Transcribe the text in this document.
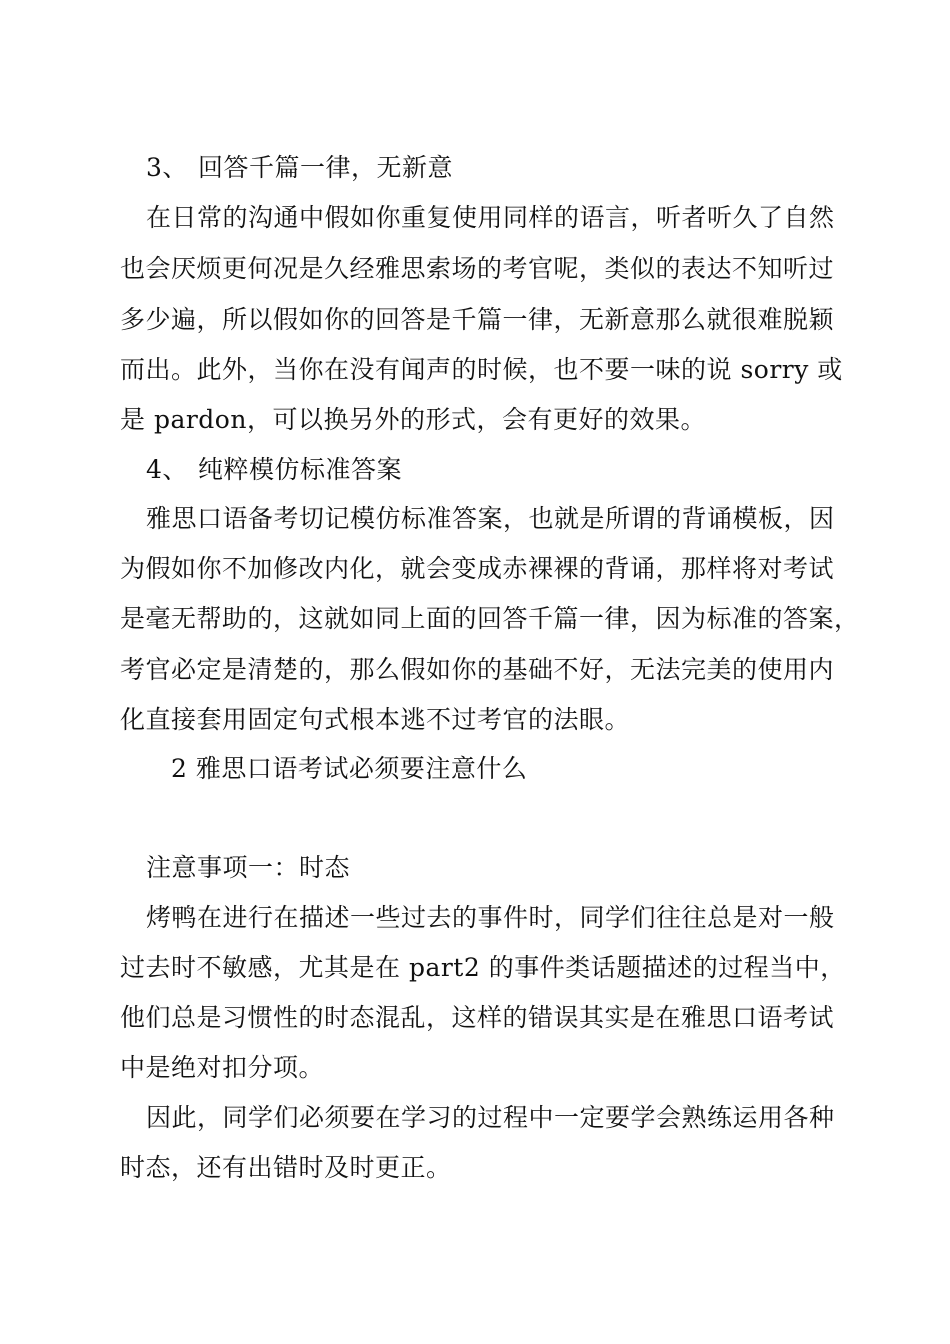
3、 回答千篇一律，无新意
在日常的沟通中假如你重复使用同样的语言，听者听久了自然
也会厌烦更何况是久经雅思索场的考官呢，类似的表达不知听过
多少遍，所以假如你的回答是千篇一律，无新意那么就很难脱颖
而出。此外，当你在没有闻声的时候，也不要一味的说 sorry 或
是 pardon，可以换另外的形式，会有更好的效果。
4、 纯粹模仿标准答案
雅思口语备考切记模仿标准答案，也就是所谓的背诵模板，因
为假如你不加修改内化，就会变成赤裸裸的背诵，那样将对考试
是毫无帮助的，这就如同上面的回答千篇一律，因为标准的答案，
考官必定是清楚的，那么假如你的基础不好，无法完美的使用内
化直接套用固定句式根本逃不过考官的法眼。
2 雅思口语考试必须要注意什么
注意事项一：时态
烤鸭在进行在描述一些过去的事件时，同学们往往总是对一般
过去时不敏感，尤其是在 part2 的事件类话题描述的过程当中，
他们总是习惯性的时态混乱，这样的错误其实是在雅思口语考试
中是绝对扣分项。
因此，同学们必须要在学习的过程中一定要学会熟练运用各种
时态，还有出错时及时更正。
